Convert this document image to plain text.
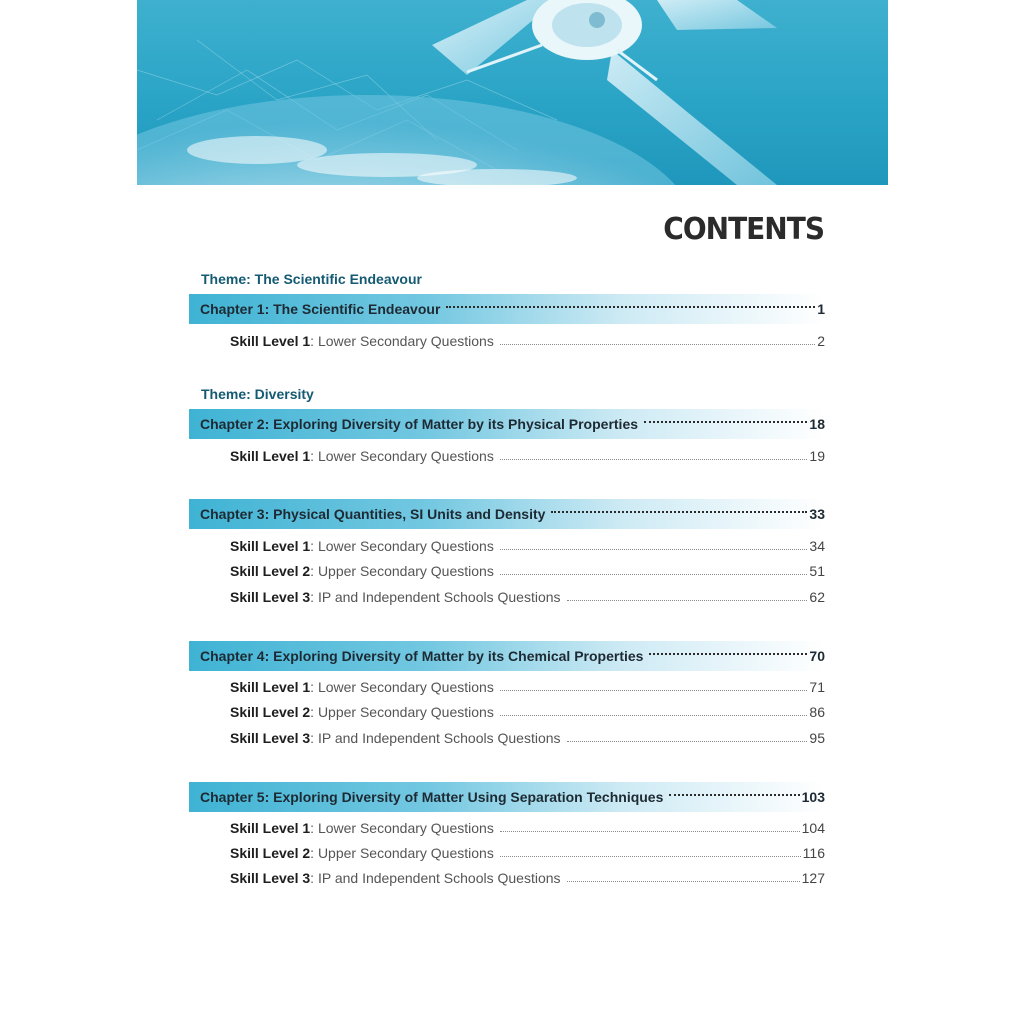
CONTENTS
Theme: The Scientific Endeavour
Chapter 1: The Scientific Endeavour	1
Skill Level 1 : Lower Secondary Questions	2
Theme: Diversity
Chapter 2: Exploring Diversity of Matter by its Physical Properties	18
Skill Level 1 : Lower Secondary Questions	19
Chapter 3: Physical Quantities, SI Units and Density	33
Skill Level 1 : Lower Secondary Questions	34
Skill Level 2 : Upper Secondary Questions	51
Skill Level 3 : IP and Independent Schools Questions	62
Chapter 4: Exploring Diversity of Matter by its Chemical Properties	70
Skill Level 1 : Lower Secondary Questions	71
Skill Level 2 : Upper Secondary Questions	86
Skill Level 3 : IP and Independent Schools Questions	95
Chapter 5: Exploring Diversity of Matter Using Separation Techniques	103
Skill Level 1 : Lower Secondary Questions	104
Skill Level 2 : Upper Secondary Questions	116
Skill Level 3 : IP and Independent Schools Questions	127
